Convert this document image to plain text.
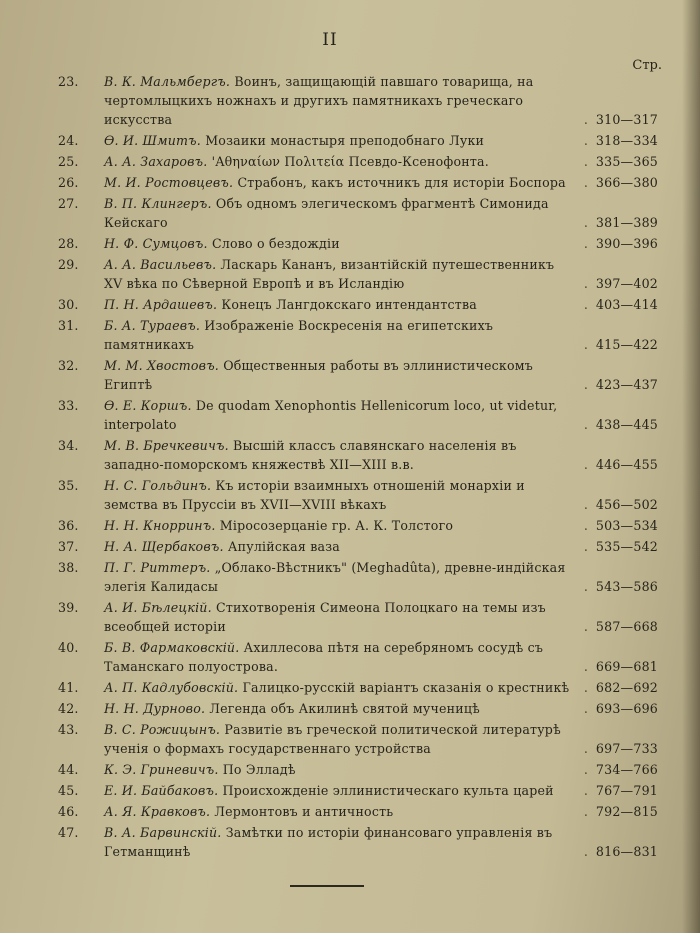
II
Стр.
23.	В. К. Мальмбергъ. Воинъ, защищающій павшаго товарища, на чертомлыцкихъ ножнахъ и другихъ памятникахъ греческаго искусства	. 310—317
24.	Ѳ. И. Шмитъ. Мозаики монастыря преподобнаго Луки	. 318—334
25.	А. А. Захаровъ. 'Αθηναίων Πολιτεία Псевдо-Ксенофонта.	. 335—365
26.	М. И. Ростовцевъ. Страбонъ, какъ источникъ для исторіи Боспора	. 366—380
27.	В. П. Клингеръ. Объ одномъ элегическомъ фрагментѣ Симонида Кейскаго	. 381—389
28.	Н. Ф. Сумцовъ. Слово о бездождіи	. 390—396
29.	А. А. Васильевъ. Ласкарь Кананъ, византійскій путешественникъ XV вѣка по Сѣверной Европѣ и въ Исландію	. 397—402
30.	П. Н. Ардашевъ. Конецъ Лангдокскаго интендантства	. 403—414
31.	Б. А. Тураевъ. Изображеніе Воскресенія на египетскихъ памятникахъ	. 415—422
32.	М. М. Хвостовъ. Общественныя работы въ эллинистическомъ Египтѣ	. 423—437
33.	Ѳ. Е. Коршъ. De quodam Xenophontis Hellenicorum loco, ut videtur, interpolato	. 438—445
34.	М. В. Бречкевичъ. Высшій классъ славянскаго населенія въ западно-поморскомъ княжествѣ XII—XIII в.в.	. 446—455
35.	Н. С. Гольдинъ. Къ исторіи взаимныхъ отношеній монархіи и земства въ Пруссіи въ XVII—XVIII вѣкахъ	. 456—502
36.	Н. Н. Кнорринъ. Міросозерцаніе гр. А. К. Толстого	. 503—534
37.	Н. А. Щербаковъ. Апулійская ваза	. 535—542
38.	П. Г. Риттеръ. „Облако-Вѣстникъ" (Meghadûta), древне-индійская элегія Калидасы	. 543—586
39.	А. И. Бѣлецкій. Стихотворенія Симеона Полоцкаго на темы изъ всеобщей исторіи	. 587—668
40.	Б. В. Фармаковскій. Ахиллесова пѣтя на серебряномъ сосудѣ съ Таманскаго полуострова.	. 669—681
41.	А. П. Кадлубовскій. Галицко-русскій варіантъ сказанія о крестникѣ	. 682—692
42.	Н. Н. Дурново. Легенда объ Акилинѣ святой мученицѣ	. 693—696
43.	В. С. Рожицынъ. Развитіе въ греческой политической литературѣ ученія о формахъ государственнаго устройства	. 697—733
44.	К. Э. Гриневичъ. По Элладѣ	. 734—766
45.	Е. И. Байбаковъ. Происхожденіе эллинистическаго культа царей	. 767—791
46.	А. Я. Кравковъ. Лермонтовъ и античность	. 792—815
47.	В. А. Барвинскій. Замѣтки по исторіи финансоваго управленія въ Гетманщинѣ	. 816—831
